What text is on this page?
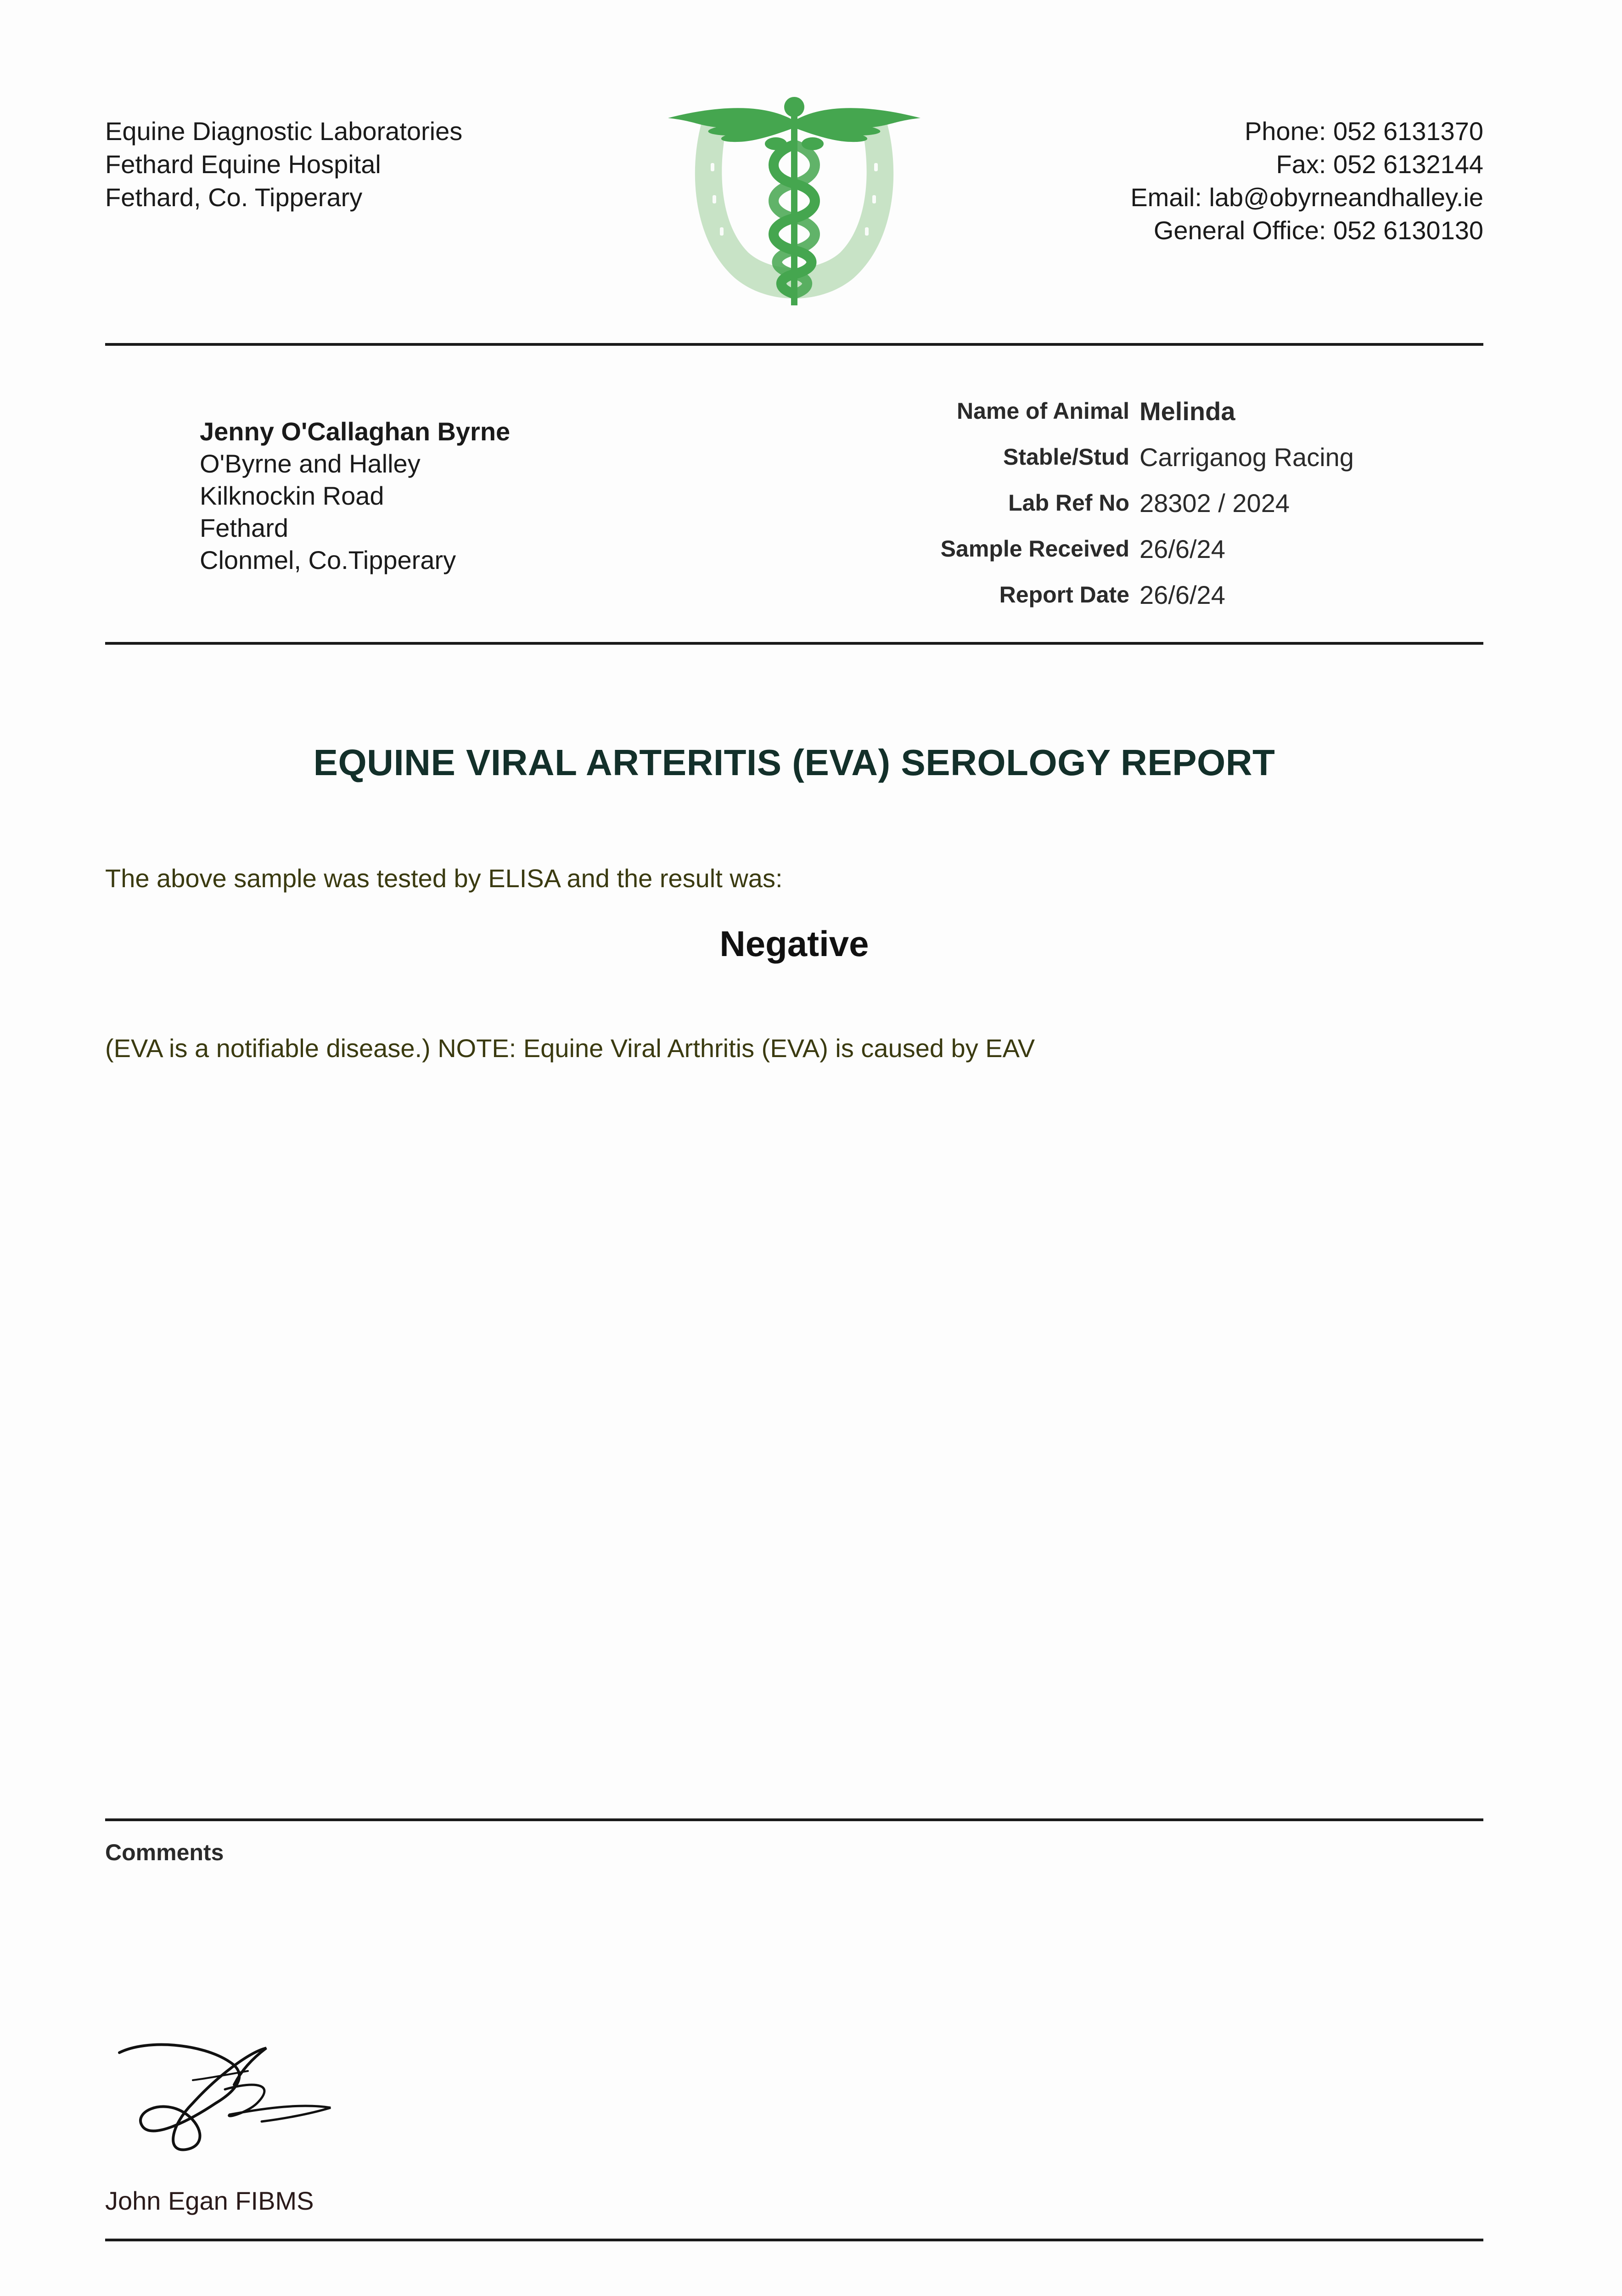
Equine Diagnostic Laboratories
Fethard Equine Hospital
Fethard, Co. Tipperary
Phone: 052 6131370
Fax: 052 6132144
Email: lab@obyrneandhalley.ie
General Office: 052 6130130
Jenny O'Callaghan Byrne
O'Byrne and Halley
Kilknockin Road
Fethard
Clonmel, Co.Tipperary
Name of Animal	Melinda
Stable/Stud	Carriganog Racing
Lab Ref No	28302 / 2024
Sample Received	26/6/24
Report Date	26/6/24
EQUINE VIRAL ARTERITIS (EVA) SEROLOGY REPORT
The above sample was tested by ELISA and the result was:
Negative
(EVA is a notifiable disease.) NOTE: Equine Viral Arthritis (EVA) is caused by EAV
Comments
John Egan FIBMS
